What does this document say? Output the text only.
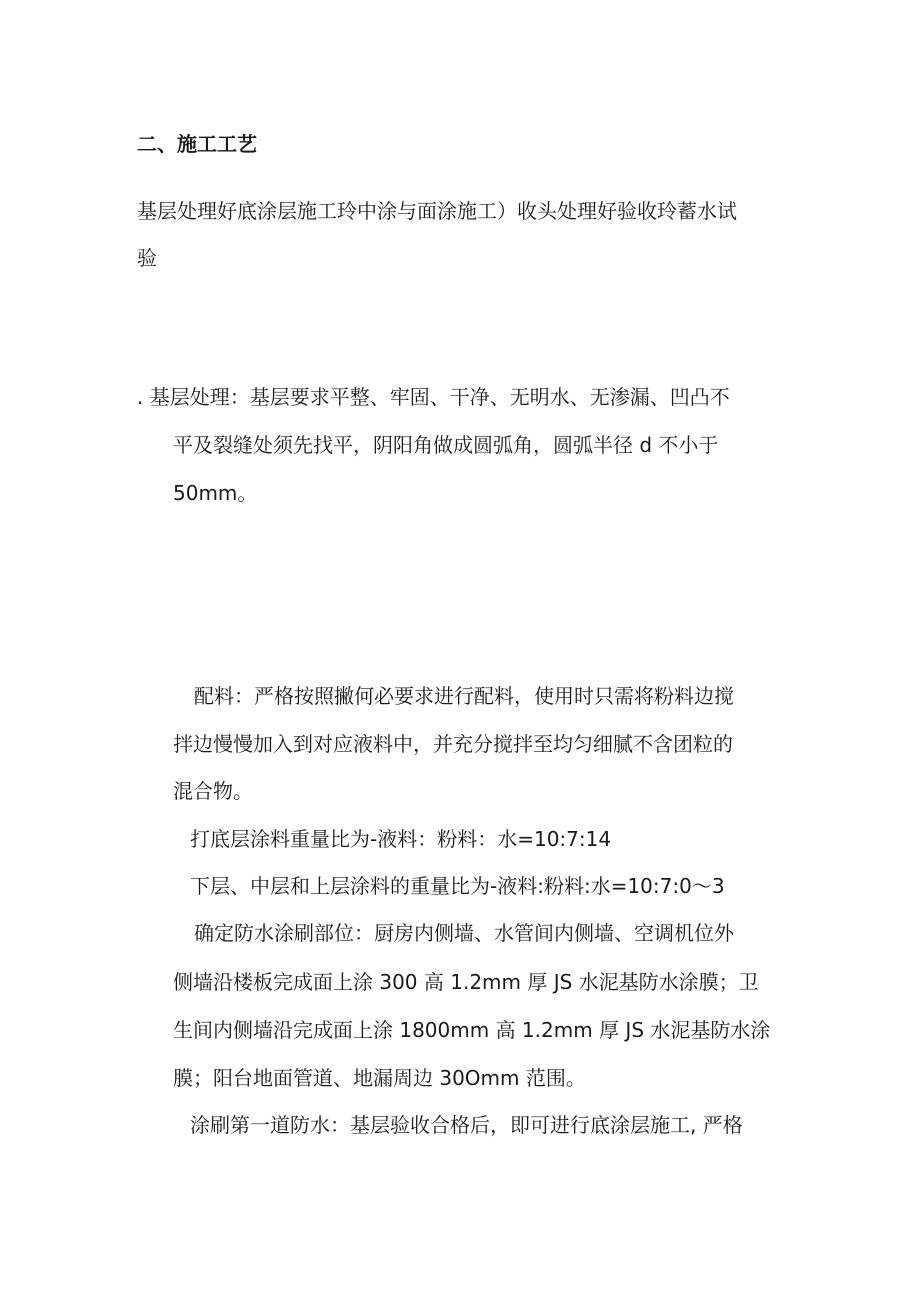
二、施工工艺
基层处理好底涂层施工玲中涂与面涂施工）收头处理好验收玲蓄水试
验
. 基层处理：基层要求平整、牢固、干净、无明水、无渗漏、凹凸不
平及裂缝处须先找平，阴阳角做成圆弧角，圆弧半径 d 不小于
50mm。
配料：严格按照撇何必要求进行配料，使用时只需将粉料边搅
拌边慢慢加入到对应液料中，并充分搅拌至均匀细腻不含团粒的
混合物。
打底层涂料重量比为-液料：粉料：水=10:7:14
下层、中层和上层涂料的重量比为-液料:粉料:水=10:7:0～3
确定防水涂刷部位：厨房内侧墙、水管间内侧墙、空调机位外
侧墙沿楼板完成面上涂 300 高 1.2mm 厚 JS 水泥基防水涂膜；卫
生间内侧墙沿完成面上涂 1800mm 高 1.2mm 厚 JS 水泥基防水涂
膜；阳台地面管道、地漏周边 30Omm 范围。
涂刷第一道防水：基层验收合格后，即可进行底涂层施工, 严格
